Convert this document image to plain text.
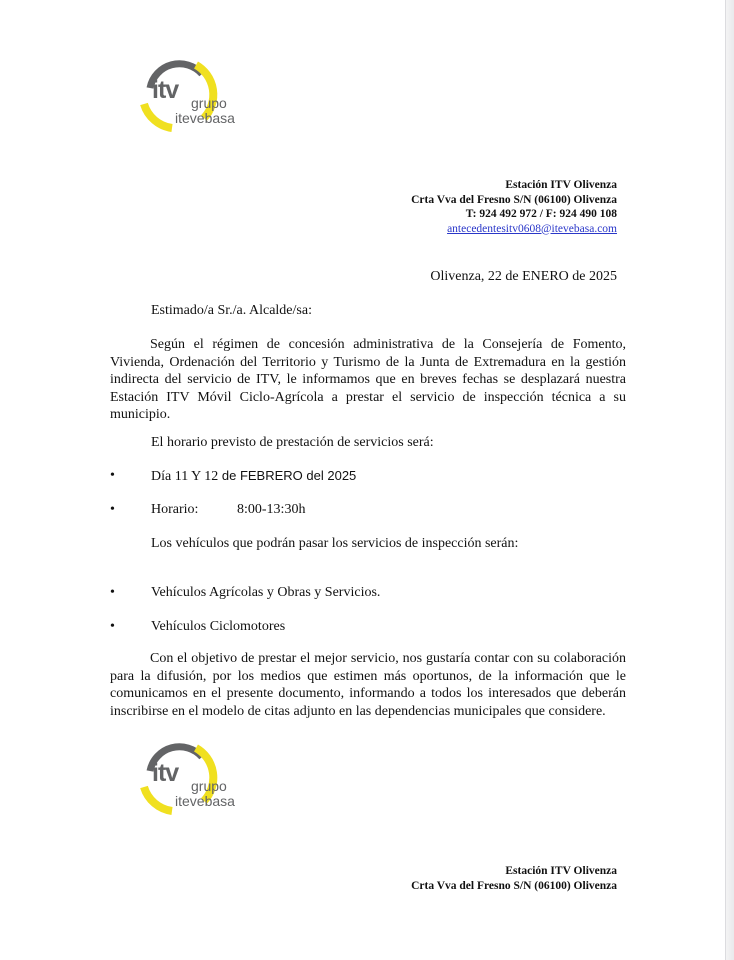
itv grupo
itevebasa
Estación ITV Olivenza
Crta Vva del Fresno S/N (06100) Olivenza
T: 924 492 972 / F: 924 490 108
antecedentesitv0608@itevebasa.com
Olivenza, 22 de ENERO de 2025
Estimado/a Sr./a. Alcalde/sa:
Según el régimen de concesión administrativa de la Consejería de Fomento, Vivienda, Ordenación del Territorio y Turismo de la Junta de Extremadura en la gestión indirecta del servicio de ITV, le informamos que en breves fechas se desplazará nuestra Estación ITV Móvil Ciclo-Agrícola a prestar el servicio de inspección técnica a su municipio.
El horario previsto de prestación de servicios será:
•	Día 11 Y 12 de FEBRERO del 2025
•	Horario:	8:00-13:30h
Los vehículos que podrán pasar los servicios de inspección serán:
•	Vehículos Agrícolas y Obras y Servicios.
•	Vehículos Ciclomotores
Con el objetivo de prestar el mejor servicio, nos gustaría contar con su colaboración para la difusión, por los medios que estimen más oportunos, de la información que le comunicamos en el presente documento, informando a todos los interesados que deberán inscribirse en el modelo de citas adjunto en las dependencias municipales que considere.
itv grupo
itevebasa
Estación ITV Olivenza
Crta Vva del Fresno S/N (06100) Olivenza
